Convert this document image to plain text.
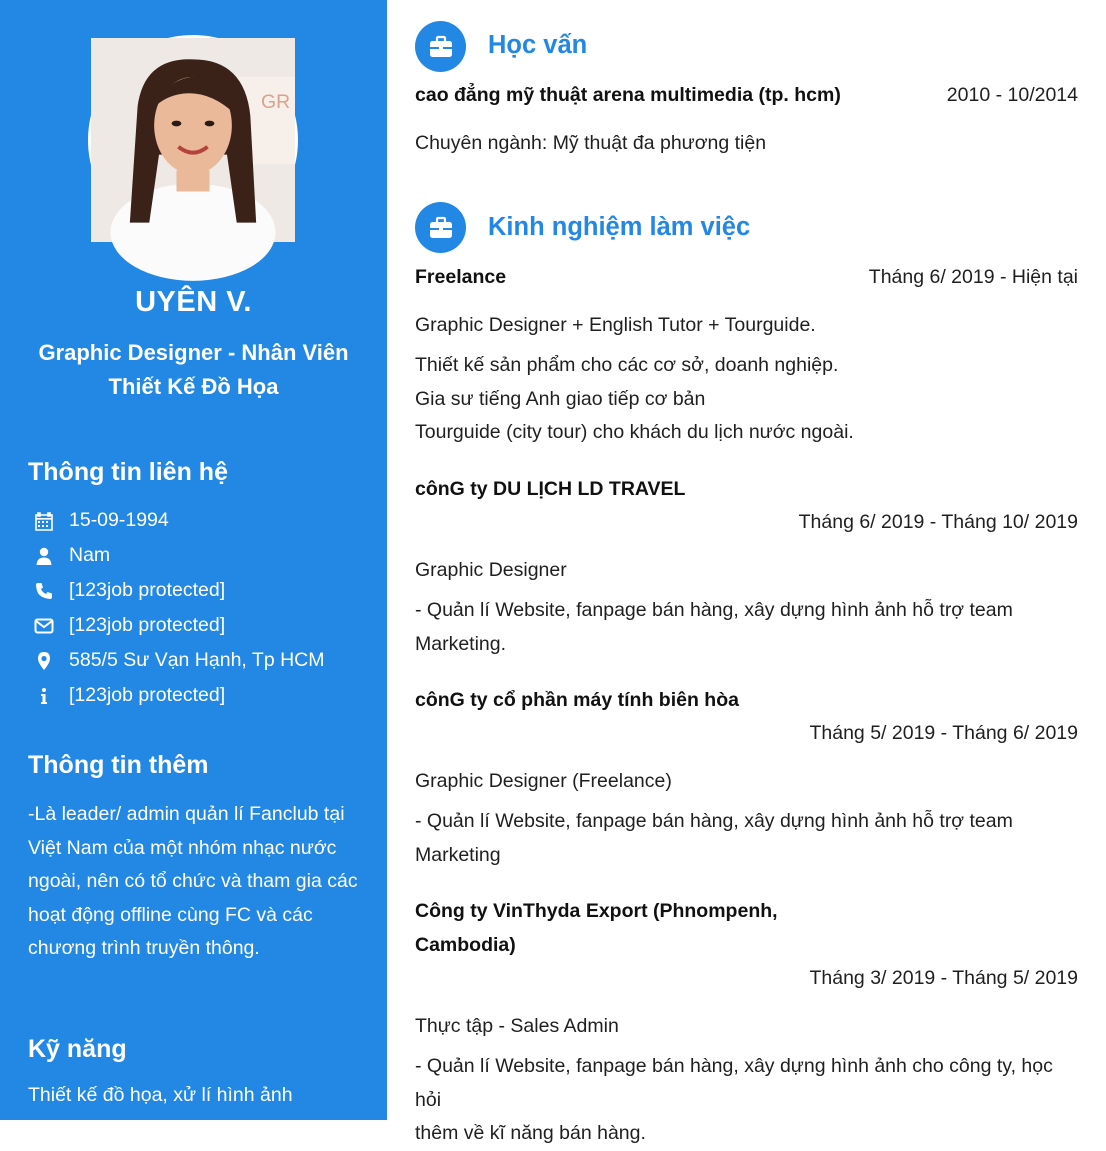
GR
UYÊN V.
Graphic Designer - Nhân Viên
Thiết Kế Đồ Họa
Thông tin liên hệ
15-09-1994
Nam
[123job protected]
[123job protected]
585/5 Sư Vạn Hạnh, Tp HCM
[123job protected]
Thông tin thêm
-Là leader/ admin quản lí Fanclub tại
Việt Nam của một nhóm nhạc nước
ngoài, nên có tổ chức và tham gia các
hoạt động offline cùng FC và các
chương trình truyền thông.
Kỹ năng
Thiết kế đồ họa, xử lí hình ảnh
Học vấn
cao đẳng mỹ thuật arena multimedia (tp. hcm)	2010 - 10/2014
Chuyên ngành: Mỹ thuật đa phương tiện
Kinh nghiệm làm việc
Freelance	Tháng 6/ 2019 - Hiện tại
Graphic Designer + English Tutor + Tourguide.
Thiết kế sản phẩm cho các cơ sở, doanh nghiệp.
Gia sư tiếng Anh giao tiếp cơ bản
Tourguide (city tour) cho khách du lịch nước ngoài.
cônG ty DU LỊCH LD TRAVEL
Tháng 6/ 2019 - Tháng 10/ 2019
Graphic Designer
- Quản lí Website, fanpage bán hàng, xây dựng hình ảnh hỗ trợ team
Marketing.
cônG ty cổ phần máy tính biên hòa
Tháng 5/ 2019 - Tháng 6/ 2019
Graphic Designer (Freelance)
- Quản lí Website, fanpage bán hàng, xây dựng hình ảnh hỗ trợ team
Marketing
Công ty VinThyda Export (Phnompenh,
Cambodia)
Tháng 3/ 2019 - Tháng 5/ 2019
Thực tập - Sales Admin
- Quản lí Website, fanpage bán hàng, xây dựng hình ảnh cho công ty, học hỏi
thêm về kĩ năng bán hàng.
